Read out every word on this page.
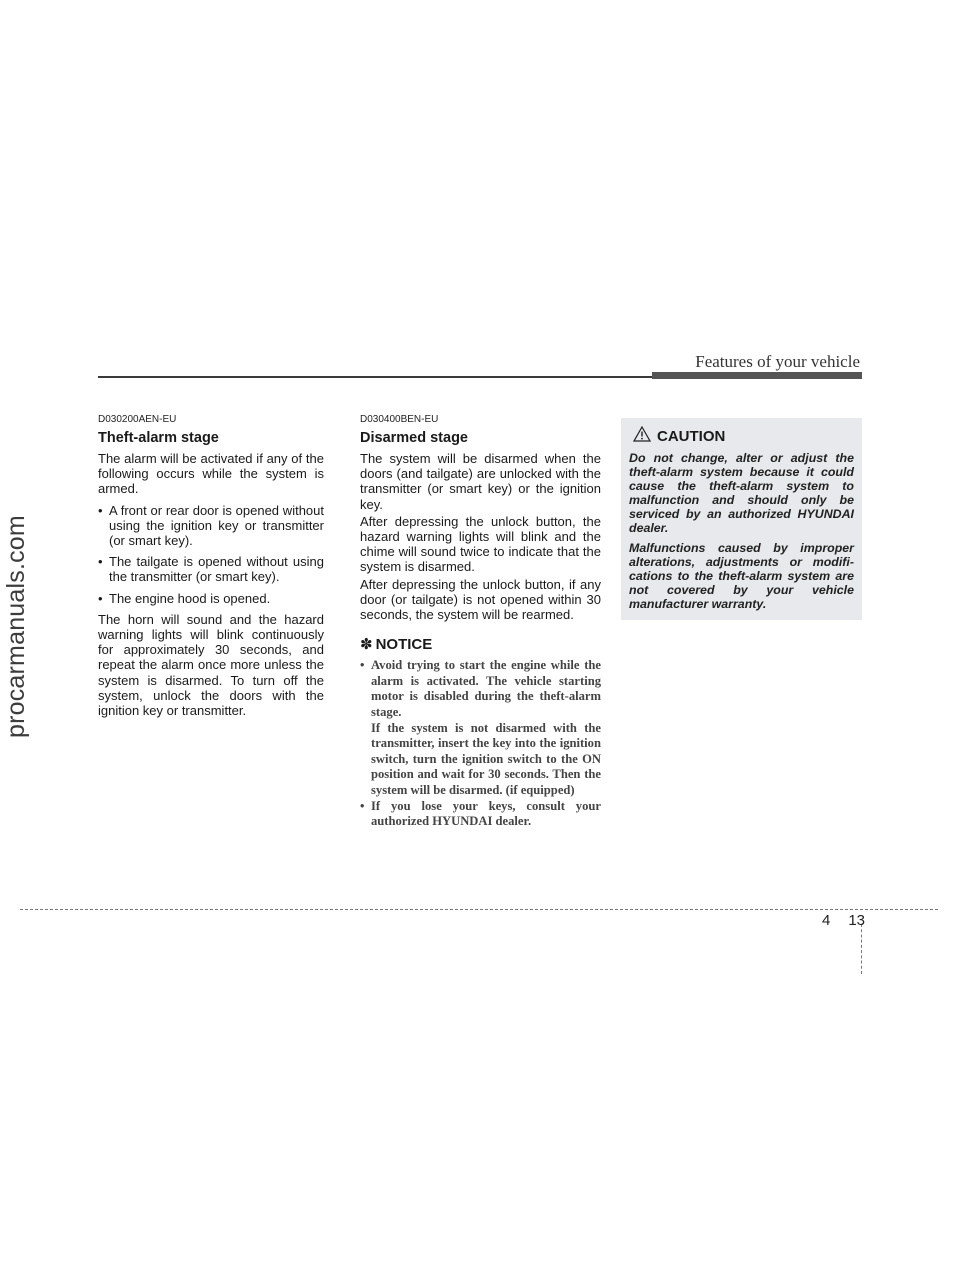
Features of your vehicle
procarmanuals.com

D030200AEN-EU

Theft-alarm stage

The alarm will be activated if any of the following occurs while the system is armed.

• A front or rear door is opened without using the ignition key or transmitter (or smart key).
• The tailgate is opened without using the transmitter (or smart key).
• The engine hood is opened.

The horn will sound and the hazard warning lights will blink continuously for approximately 30 seconds, and repeat the alarm once more unless the system is disarmed. To turn off the system, unlock the doors with the ignition key or transmitter.

D030400BEN-EU

Disarmed stage

The system will be disarmed when the doors (and tailgate) are unlocked with the transmitter (or smart key) or the ignition key.

After depressing the unlock button, the hazard warning lights will blink and the chime will sound twice to indicate that the system is disarmed.

After depressing the unlock button, if any door (or tailgate) is not opened within 30 seconds, the system will be rearmed.

✽ NOTICE
• Avoid trying to start the engine while the alarm is activated. The vehicle starting motor is disabled during the theft-alarm stage.
If the system is not disarmed with the transmitter, insert the key into the ignition switch, turn the ignition switch to the ON position and wait for 30 seconds. Then the system will be disarmed. (if equipped)
• If you lose your keys, consult your authorized HYUNDAI dealer.
CAUTION

Do not change, alter or adjust the theft-alarm system because it could cause the theft-alarm system to malfunction and should only be serviced by an authorized HYUNDAI dealer.

Malfunctions caused by improper alterations, adjustments or modifi-cations to the theft-alarm system are not covered by your vehicle manufacturer warranty.

4 13
